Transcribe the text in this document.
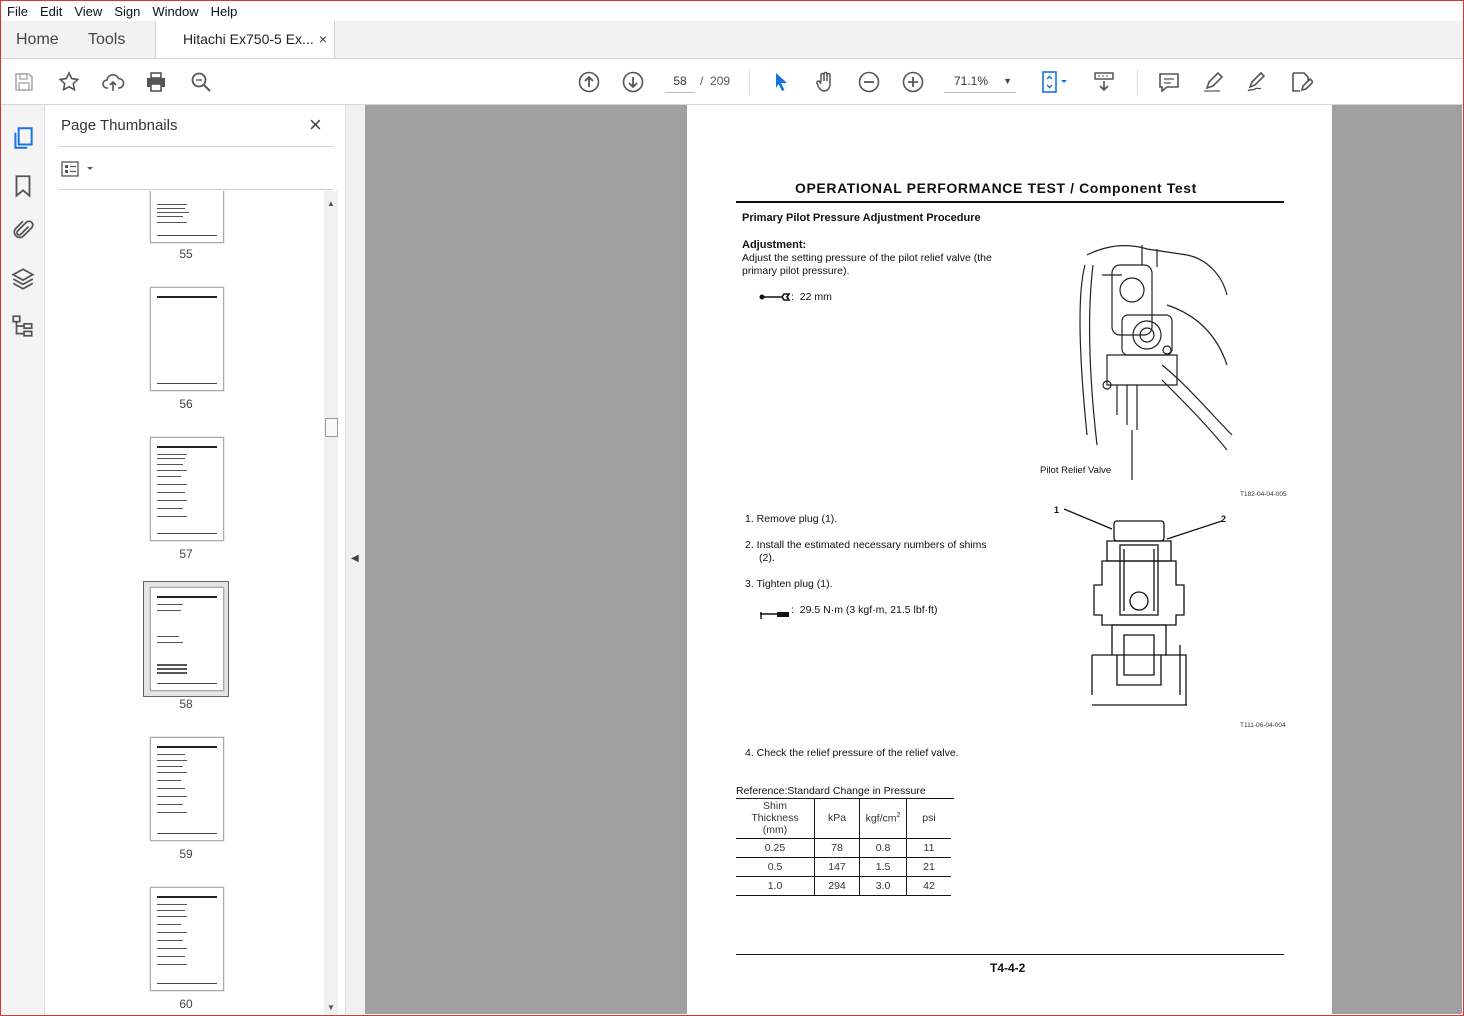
File Edit View Sign Window Help
Home Tools	Hitachi Ex750-5 Ex... ×
58	/ 209	71.1% ▼
Page Thumbnails	×
55
56
57
58
59
60
▲
▼
◀
OPERATIONAL PERFORMANCE TEST / Component Test
Primary Pilot Pressure Adjustment Procedure
Adjustment:
Adjust the setting pressure of the pilot relief valve (the
primary pilot pressure).
:  22 mm
Pilot Relief Valve
T182-04-04-005
1. Remove plug (1).
2. Install the estimated necessary numbers of shims
(2).
3. Tighten plug (1).
:  29.5 N·m (3 kgf·m, 21.5 lbf·ft)
1
2
T111-06-04-004
4. Check the relief pressure of the relief valve.
Reference:Standard Change in Pressure
Shim
Thickness
(mm)	kPa	kgf/$cm^2$	psi
0.25	78	0.8	11
0.5	147	1.5	21
1.0	294	3.0	42
T4-4-2
